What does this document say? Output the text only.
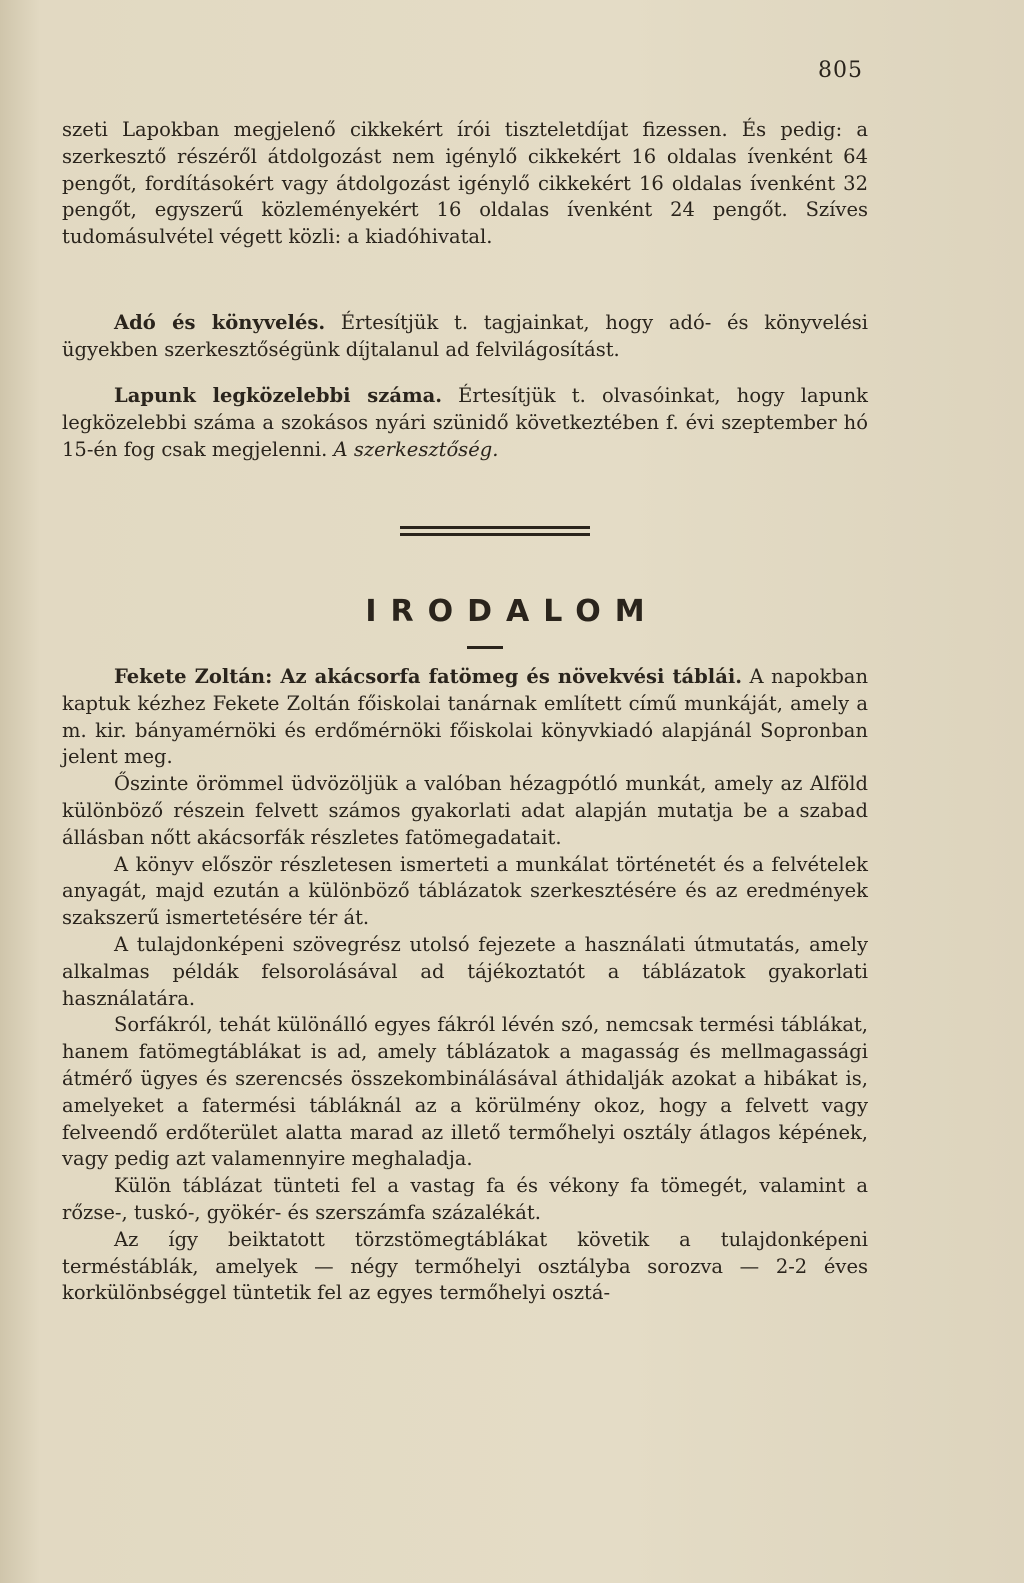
805

szeti Lapokban megjelenő cikkekért írói tiszteletdíjat fizessen. És pedig: a szerkesztő részéről átdolgozást nem igénylő cikkekért 16 oldalas ívenként 64 pengőt, fordításokért vagy átdolgozást igénylő cikkekért 16 oldalas ívenként 32 pengőt, egyszerű közleményekért 16 oldalas ívenként 24 pengőt. Szíves tudomásulvétel végett közli: a kiadóhivatal.

Adó és könyvelés. Értesítjük t. tagjainkat, hogy adó- és könyvelési ügyekben szerkesztőségünk díjtalanul ad felvilágosítást.

Lapunk legközelebbi száma. Értesítjük t. olvasóinkat, hogy lapunk legközelebbi száma a szokásos nyári szünidő következtében f. évi szeptember hó 15-én fog csak megjelenni. A szerkesztőség.

IRODALOM

Fekete Zoltán: Az akácsorfa fatömeg és növekvési táblái. A napokban kaptuk kézhez Fekete Zoltán főiskolai tanárnak említett című munkáját, amely a m. kir. bányamérnöki és erdőmérnöki főiskolai könyvkiadó alapjánál Sopronban jelent meg.

Őszinte örömmel üdvözöljük a valóban hézagpótló munkát, amely az Alföld különböző részein felvett számos gyakorlati adat alapján mutatja be a szabad állásban nőtt akácsorfák részletes fatömegadatait.

A könyv először részletesen ismerteti a munkálat történetét és a felvételek anyagát, majd ezután a különböző táblázatok szerkesztésére és az eredmények szakszerű ismertetésére tér át.

A tulajdonképeni szövegrész utolsó fejezete a használati útmutatás, amely alkalmas példák felsorolásával ad tájékoztatót a táblázatok gyakorlati használatára.

Sorfákról, tehát különálló egyes fákról lévén szó, nemcsak termési táblákat, hanem fatömegtáblákat is ad, amely táblázatok a magasság és mellmagassági átmérő ügyes és szerencsés összekombinálásával áthidalják azokat a hibákat is, amelyeket a fatermési tábláknál az a körülmény okoz, hogy a felvett vagy felveendő erdőterület alatta marad az illető termőhelyi osztály átlagos képének, vagy pedig azt valamennyire meghaladja.

Külön táblázat tünteti fel a vastag fa és vékony fa tömegét, valamint a rőzse-, tuskó-, gyökér- és szerszámfa százalékát.

Az így beiktatott törzstömegtáblákat követik a tulajdonképeni terméstáblák, amelyek — négy termőhelyi osztályba sorozva — 2-2 éves korkülönbséggel tüntetik fel az egyes termőhelyi osztá-
